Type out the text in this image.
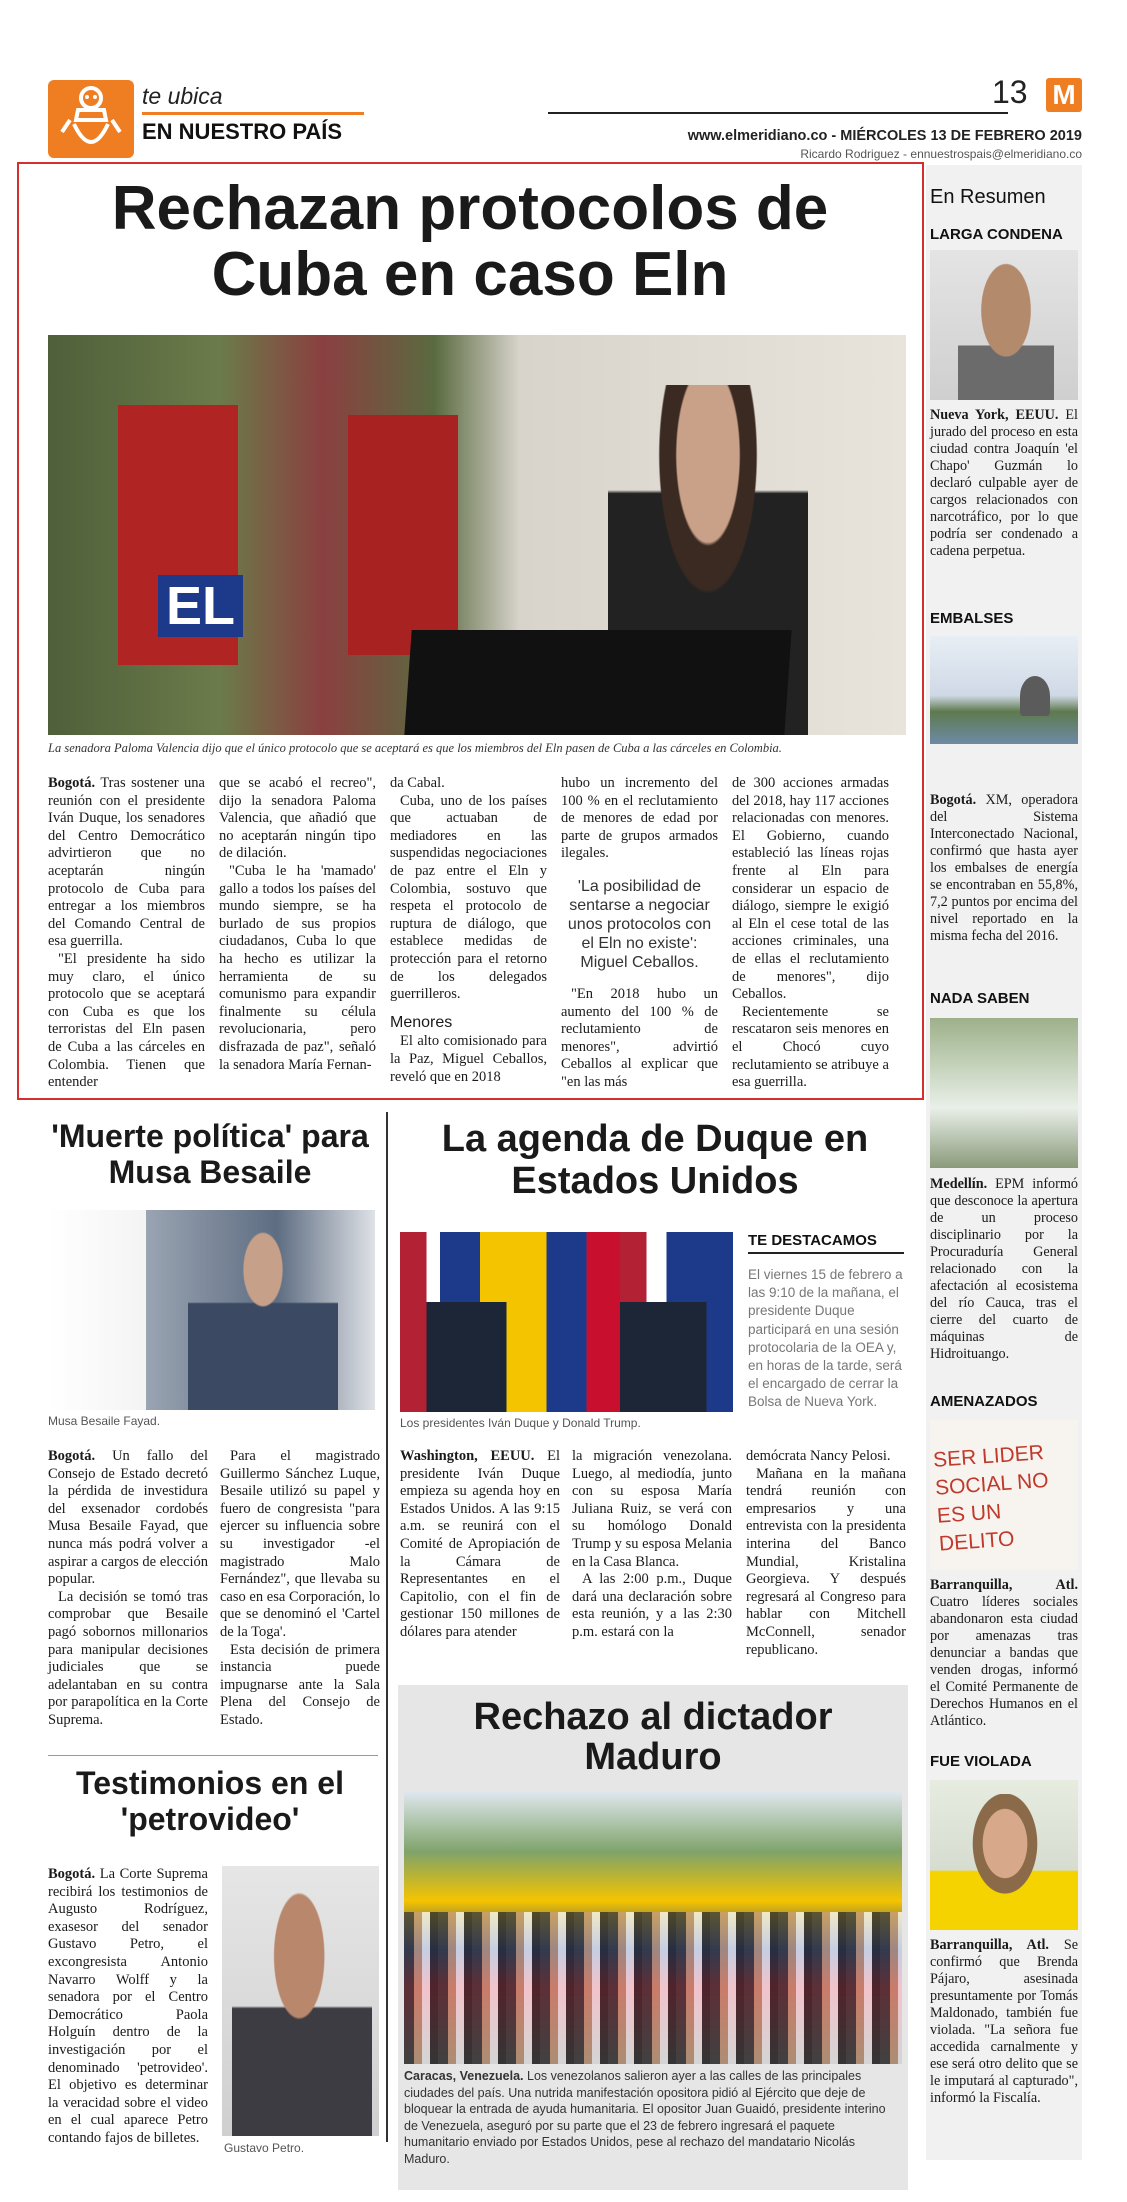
te ubica
EN NUESTRO PAÍS
13 M
www.elmeridiano.co - MIÉRCOLES 13 DE FEBRERO 2019
Ricardo Rodriguez - ennuestrospais@elmeridiano.co
Rechazan protocolos de Cuba en caso Eln
EL
La senadora Paloma Valencia dijo que el único protocolo que se aceptará es que los miembros del Eln pasen de Cuba a las cárceles en Colombia.

Bogotá. Tras sostener una reunión con el presidente Iván Duque, los senadores del Centro Democrático advirtieron que no aceptarán ningún protocolo de Cuba para entregar a los miembros del Comando Central de esa guerrilla.

"El presidente ha sido muy claro, el único protocolo que se aceptará con Cuba es que los terroristas del Eln pasen de Cuba a las cárceles en Colombia. Tienen que entender

que se acabó el recreo", dijo la senadora Paloma Valencia, que añadió que no aceptarán ningún tipo de dilación.

"Cuba le ha 'mamado' gallo a todos los países del mundo siempre, se ha burlado de sus propios ciudadanos, Cuba lo que ha hecho es utilizar la herramienta de su comunismo para expandir finalmente su célula revolucionaria, pero disfrazada de paz", señaló la senadora María Fernan-

da Cabal.

Cuba, uno de los países que actuaban de mediadores en las suspendidas negociaciones de paz entre el Eln y Colombia, sostuvo que respeta el protocolo de ruptura de diálogo, que establece medidas de protección para el retorno de los delegados guerrilleros.

Menores

El alto comisionado para la Paz, Miguel Ceballos, reveló que en 2018

hubo un incremento del 100 % en el reclutamiento de menores de edad por parte de grupos armados ilegales.

'La posibilidad de sentarse a negociar unos protocolos con el Eln no existe': Miguel Ceballos.

"En 2018 hubo un aumento del 100 % de reclutamiento de menores", advirtió Ceballos al explicar que "en las más

de 300 acciones armadas del 2018, hay 117 acciones relacionadas con menores. El Gobierno, cuando estableció las líneas rojas frente al Eln para considerar un espacio de diálogo, siempre le exigió al Eln el cese total de las acciones criminales, una de ellas el reclutamiento de menores", dijo Ceballos.

Recientemente se rescataron seis menores en el Chocó cuyo reclutamiento se atribuye a esa guerrilla.

'Muerte política' para Musa Besaile
Musa Besaile Fayad.

Bogotá. Un fallo del Consejo de Estado decretó la pérdida de investidura del exsenador cordobés Musa Besaile Fayad, que nunca más podrá volver a aspirar a cargos de elección popular.

La decisión se tomó tras comprobar que Besaile pagó sobornos millonarios para manipular decisiones judiciales que se adelantaban en su contra por parapolítica en la Corte Suprema.

Para el magistrado Guillermo Sánchez Luque, Besaile utilizó su papel y fuero de congresista "para ejercer su influencia sobre su investigador -el magistrado Malo Fernández", que llevaba su caso en esa Corporación, lo que se denominó el 'Cartel de la Toga'.

Esta decisión de primera instancia puede impugnarse ante la Sala Plena del Consejo de Estado.

Testimonios en el 'petrovideo'

Bogotá. La Corte Suprema recibirá los testimonios de Augusto Rodríguez, exasesor del senador Gustavo Petro, el excongresista Antonio Navarro Wolff y la senadora por el Centro Democrático Paola Holguín dentro de la investigación por el denominado 'petrovideo'. El objetivo es determinar la veracidad sobre el video en el cual aparece Petro contando fajos de billetes.

Gustavo Petro.
La agenda de Duque en Estados Unidos
Los presidentes Iván Duque y Donald Trump.
TE DESTACAMOS
El viernes 15 de febrero a las 9:10 de la mañana, el presidente Duque participará en una sesión protocolaria de la OEA y, en horas de la tarde, será el encargado de cerrar la Bolsa de Nueva York.

Washington, EEUU. El presidente Iván Duque empieza su agenda hoy en Estados Unidos. A las 9:15 a.m. se reunirá con el Comité de Apropiación de la Cámara de Representantes en el Capitolio, con el fin de gestionar 150 millones de dólares para atender

la migración venezolana. Luego, al mediodía, junto con su esposa María Juliana Ruiz, se verá con su homólogo Donald Trump y su esposa Melania en la Casa Blanca.

A las 2:00 p.m., Duque dará una declaración sobre esta reunión, y a las 2:30 p.m. estará con la

demócrata Nancy Pelosi.

Mañana en la mañana tendrá reunión con empresarios y una entrevista con la presidenta interina del Banco Mundial, Kristalina Georgieva. Y después regresará al Congreso para hablar con Mitchell McConnell, senador republicano.

Rechazo al dictador Maduro
Caracas, Venezuela. Los venezolanos salieron ayer a las calles de las principales ciudades del país. Una nutrida manifestación opositora pidió al Ejército que deje de bloquear la entrada de ayuda humanitaria. El opositor Juan Guaidó, presidente interino de Venezuela, aseguró por su parte que el 23 de febrero ingresará el paquete humanitario enviado por Estados Unidos, pese al rechazo del mandatario Nicolás Maduro.
En Resumen
LARGA CONDENA
Nueva York, EEUU. El jurado del proceso en esta ciudad contra Joaquín 'el Chapo' Guzmán lo declaró culpable ayer de cargos relacionados con narcotráfico, por lo que podría ser condenado a cadena perpetua.
EMBALSES
Bogotá. XM, operadora del Sistema Interconectado Nacional, confirmó que hasta ayer los embalses de energía se encontraban en 55,8%, 7,2 puntos por encima del nivel reportado en la misma fecha del 2016.
NADA SABEN
Medellín. EPM informó que desconoce la apertura de un proceso disciplinario por la Procuraduría General relacionado con la afectación al ecosistema del río Cauca, tras el cierre del cuarto de máquinas de Hidroituango.
AMENAZADOS
SER LIDER SOCIAL NO ES UN DELITO
Barranquilla, Atl. Cuatro líderes sociales abandonaron esta ciudad por amenazas tras denunciar a bandas que venden drogas, informó el Comité Permanente de Derechos Humanos en el Atlántico.
FUE VIOLADA
Barranquilla, Atl. Se confirmó que Brenda Pájaro, asesinada presuntamente por Tomás Maldonado, también fue violada. "La señora fue accedida carnalmente y ese será otro delito que se le imputará al capturado", informó la Fiscalía.
